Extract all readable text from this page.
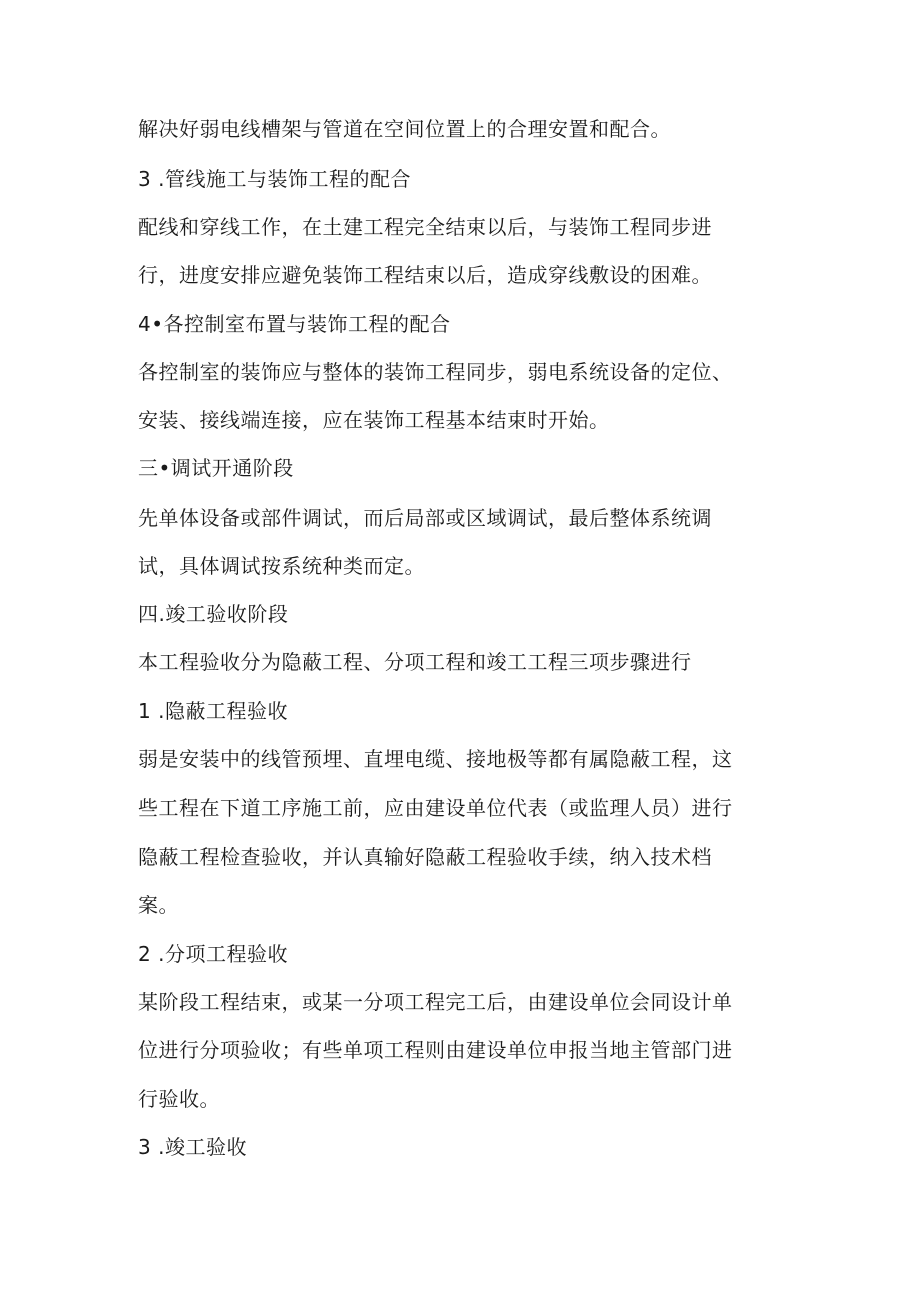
解决好弱电线槽架与管道在空间位置上的合理安置和配合。
3 .管线施工与装饰工程的配合
配线和穿线工作，在土建工程完全结束以后，与装饰工程同步进
行，进度安排应避免装饰工程结束以后，造成穿线敷设的困难。
4•各控制室布置与装饰工程的配合
各控制室的装饰应与整体的装饰工程同步，弱电系统设备的定位、
安装、接线端连接，应在装饰工程基本结束时开始。
三•调试开通阶段
先单体设备或部件调试，而后局部或区域调试，最后整体系统调
试，具体调试按系统种类而定。
四.竣工验收阶段
本工程验收分为隐蔽工程、分项工程和竣工工程三项步骤进行
1 .隐蔽工程验收
弱是安装中的线管预埋、直埋电缆、接地极等都有属隐蔽工程，这
些工程在下道工序施工前，应由建设单位代表（或监理人员）进行
隐蔽工程检查验收，并认真输好隐蔽工程验收手续，纳入技术档
案。
2 .分项工程验收
某阶段工程结束，或某一分项工程完工后，由建设单位会同设计单
位进行分项验收；有些单项工程则由建设单位申报当地主管部门进
行验收。
3 .竣工验收
